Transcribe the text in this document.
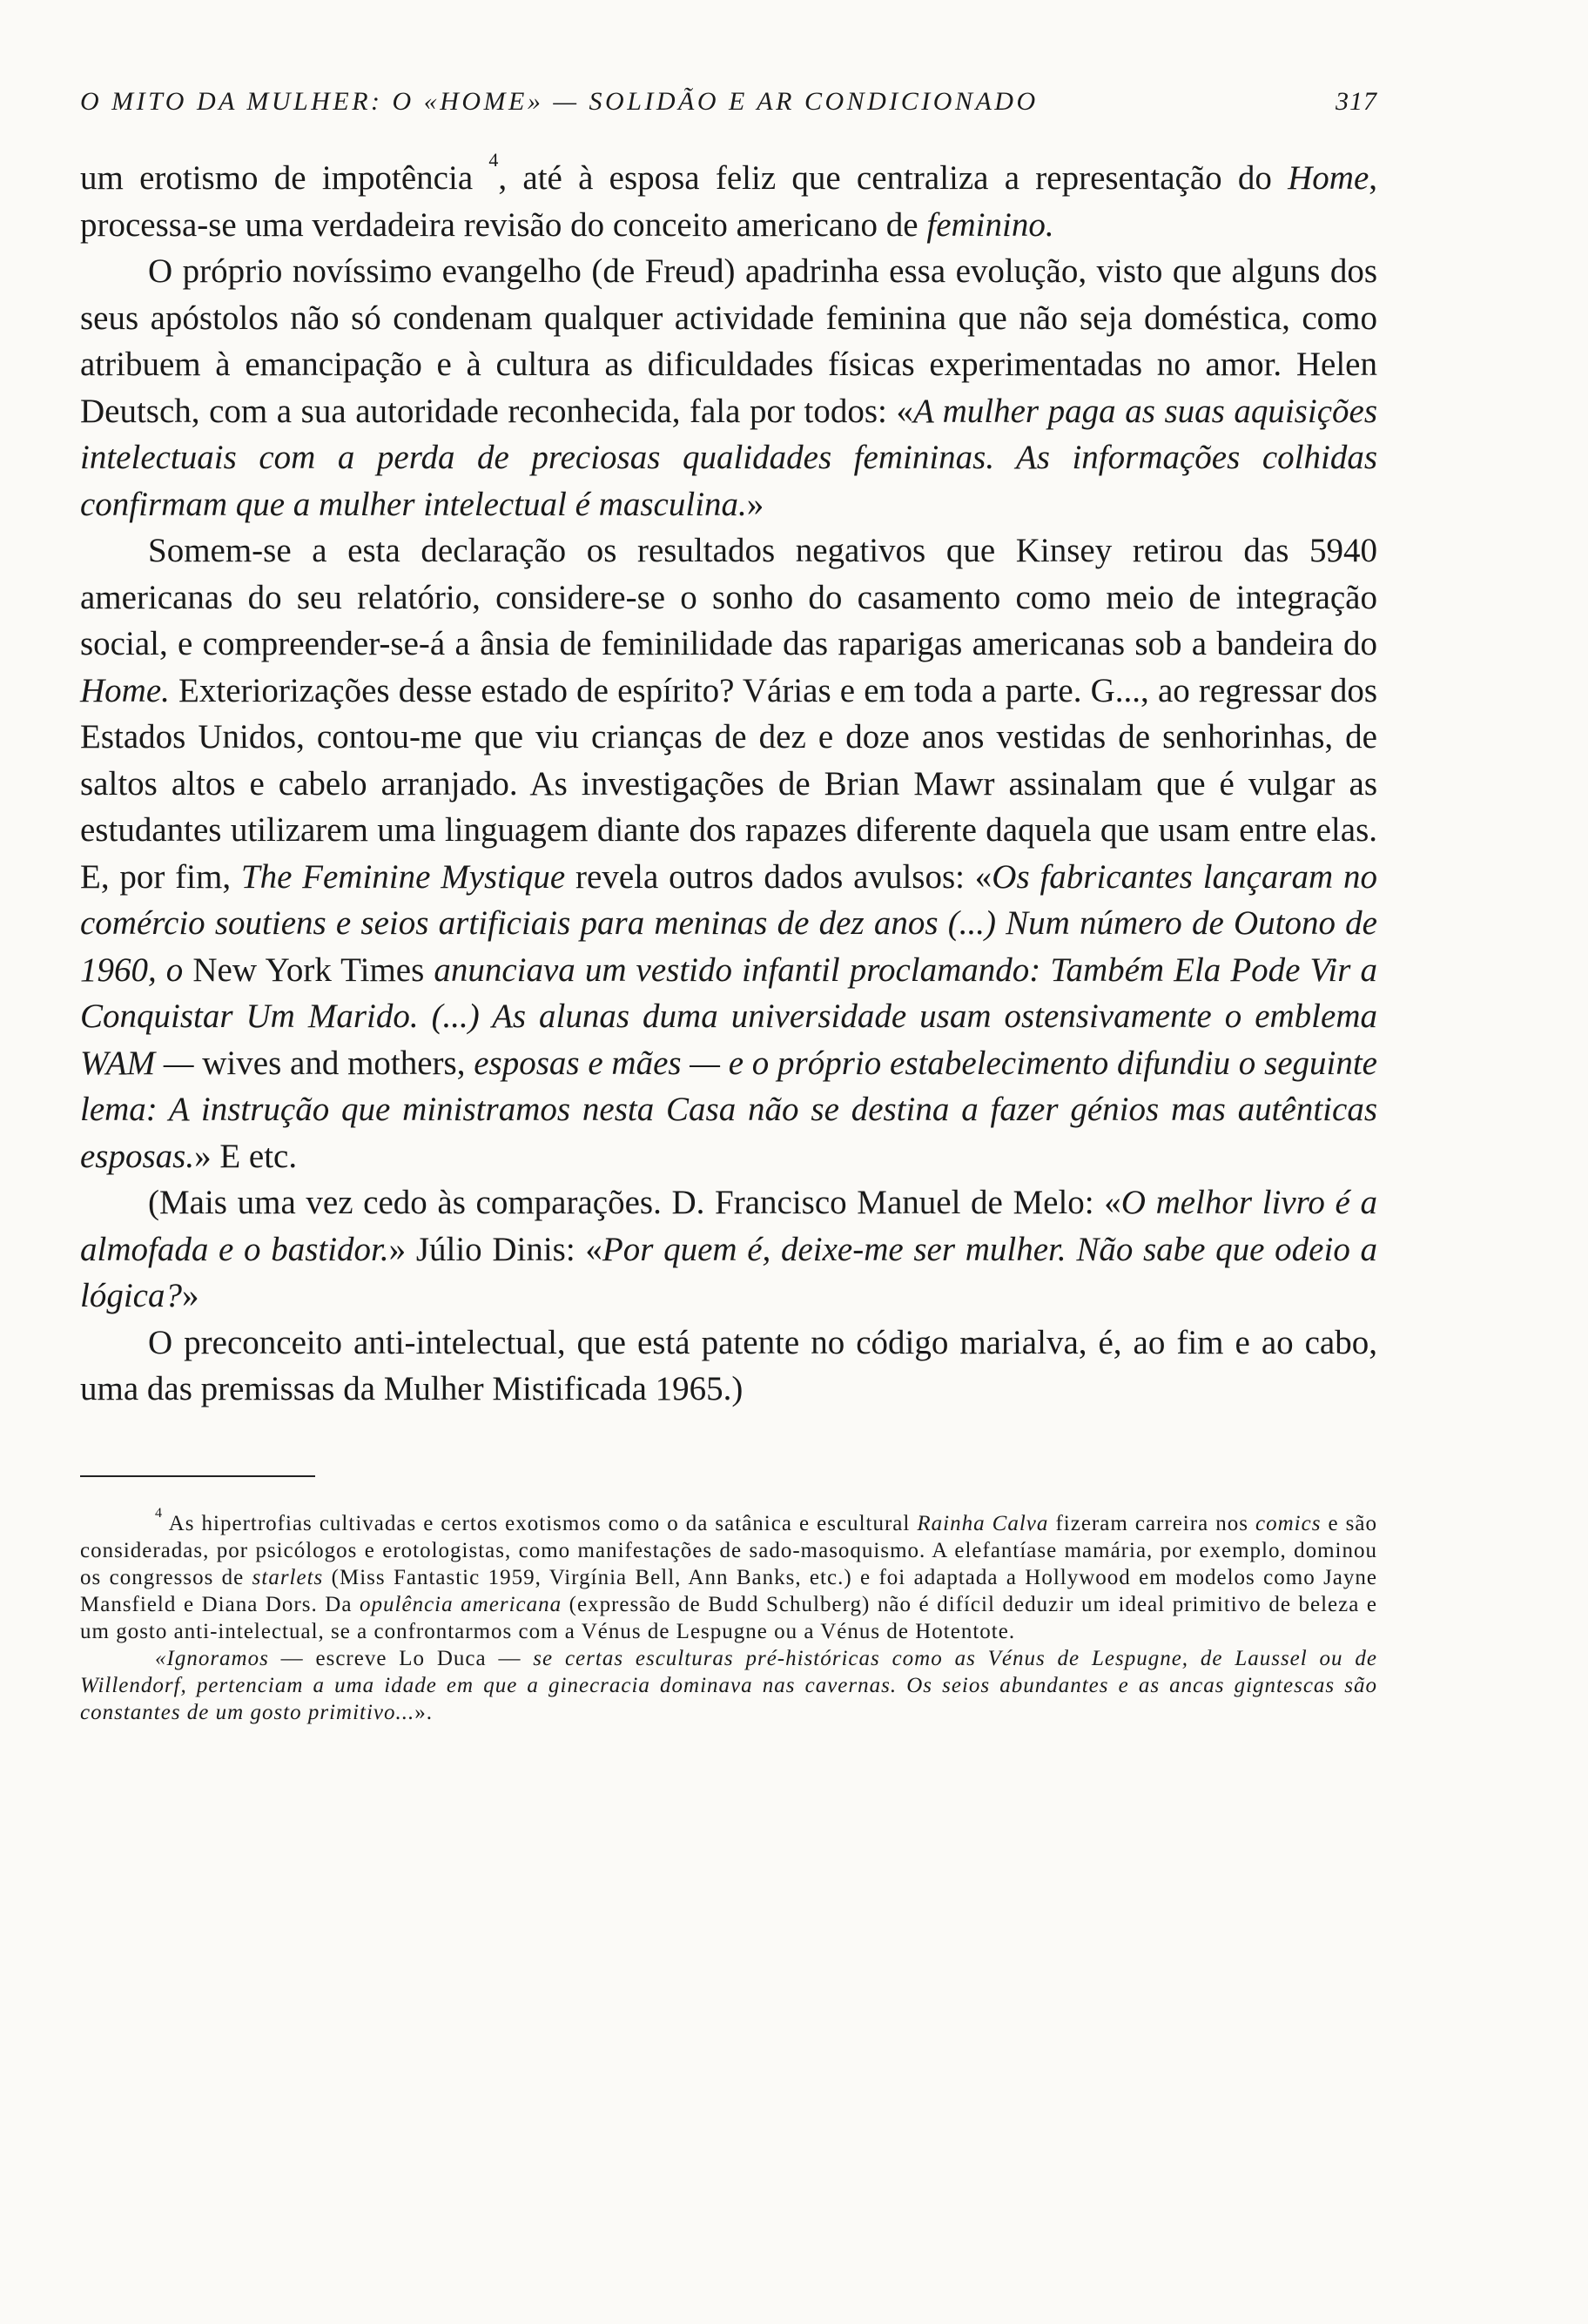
O MITO DA MULHER: O «HOME» — SOLIDÃO E AR CONDICIONADO	317

um erotismo de impotência $^4$, até à esposa feliz que centraliza a representação do Home, processa-se uma verdadeira revisão do conceito americano de feminino.

O próprio novíssimo evangelho (de Freud) apadrinha essa evolução, visto que alguns dos seus apóstolos não só condenam qualquer actividade feminina que não seja doméstica, como atribuem à emancipação e à cultura as dificuldades físicas experimentadas no amor. Helen Deutsch, com a sua autoridade reconhecida, fala por todos: «A mulher paga as suas aquisições intelectuais com a perda de preciosas qualidades femininas. As informações colhidas confirmam que a mulher intelectual é masculina.»

Somem-se a esta declaração os resultados negativos que Kinsey retirou das 5940 americanas do seu relatório, considere-se o sonho do casamento como meio de integração social, e compreender-se-á a ânsia de feminilidade das raparigas americanas sob a bandeira do Home. Exteriorizações desse estado de espírito? Várias e em toda a parte. G..., ao regressar dos Estados Unidos, contou-me que viu crianças de dez e doze anos vestidas de senhorinhas, de saltos altos e cabelo arranjado. As investigações de Brian Mawr assinalam que é vulgar as estudantes utilizarem uma linguagem diante dos rapazes diferente daquela que usam entre elas. E, por fim, The Feminine Mystique revela outros dados avulsos: «Os fabricantes lançaram no comércio soutiens e seios artificiais para meninas de dez anos (...) Num número de Outono de 1960, o New York Times anunciava um vestido infantil proclamando: Também Ela Pode Vir a Conquistar Um Marido. (...) As alunas duma universidade usam ostensivamente o emblema WAM — wives and mothers, esposas e mães — e o próprio estabelecimento difundiu o seguinte lema: A instrução que ministramos nesta Casa não se destina a fazer génios mas autênticas esposas.» E etc.

(Mais uma vez cedo às comparações. D. Francisco Manuel de Melo: «O melhor livro é a almofada e o bastidor.» Júlio Dinis: «Por quem é, deixe-me ser mulher. Não sabe que odeio a lógica?»

O preconceito anti-intelectual, que está patente no código marialva, é, ao fim e ao cabo, uma das premissas da Mulher Mistificada 1965.)

$^4$ As hipertrofias cultivadas e certos exotismos como o da satânica e escultural Rainha Calva fizeram carreira nos comics e são consideradas, por psicólogos e erotologistas, como manifestações de sado-masoquismo. A elefantíase mamária, por exemplo, dominou os congressos de starlets (Miss Fantastic 1959, Virgínia Bell, Ann Banks, etc.) e foi adaptada a Hollywood em modelos como Jayne Mansfield e Diana Dors. Da opulência americana (expressão de Budd Schulberg) não é difícil deduzir um ideal primitivo de beleza e um gosto anti-intelectual, se a confrontarmos com a Vénus de Lespugne ou a Vénus de Hotentote.

«Ignoramos — escreve Lo Duca — se certas esculturas pré-históricas como as Vénus de Lespugne, de Laussel ou de Willendorf, pertenciam a uma idade em que a ginecracia dominava nas cavernas. Os seios abundantes e as ancas gigntescas são constantes de um gosto primitivo...».
